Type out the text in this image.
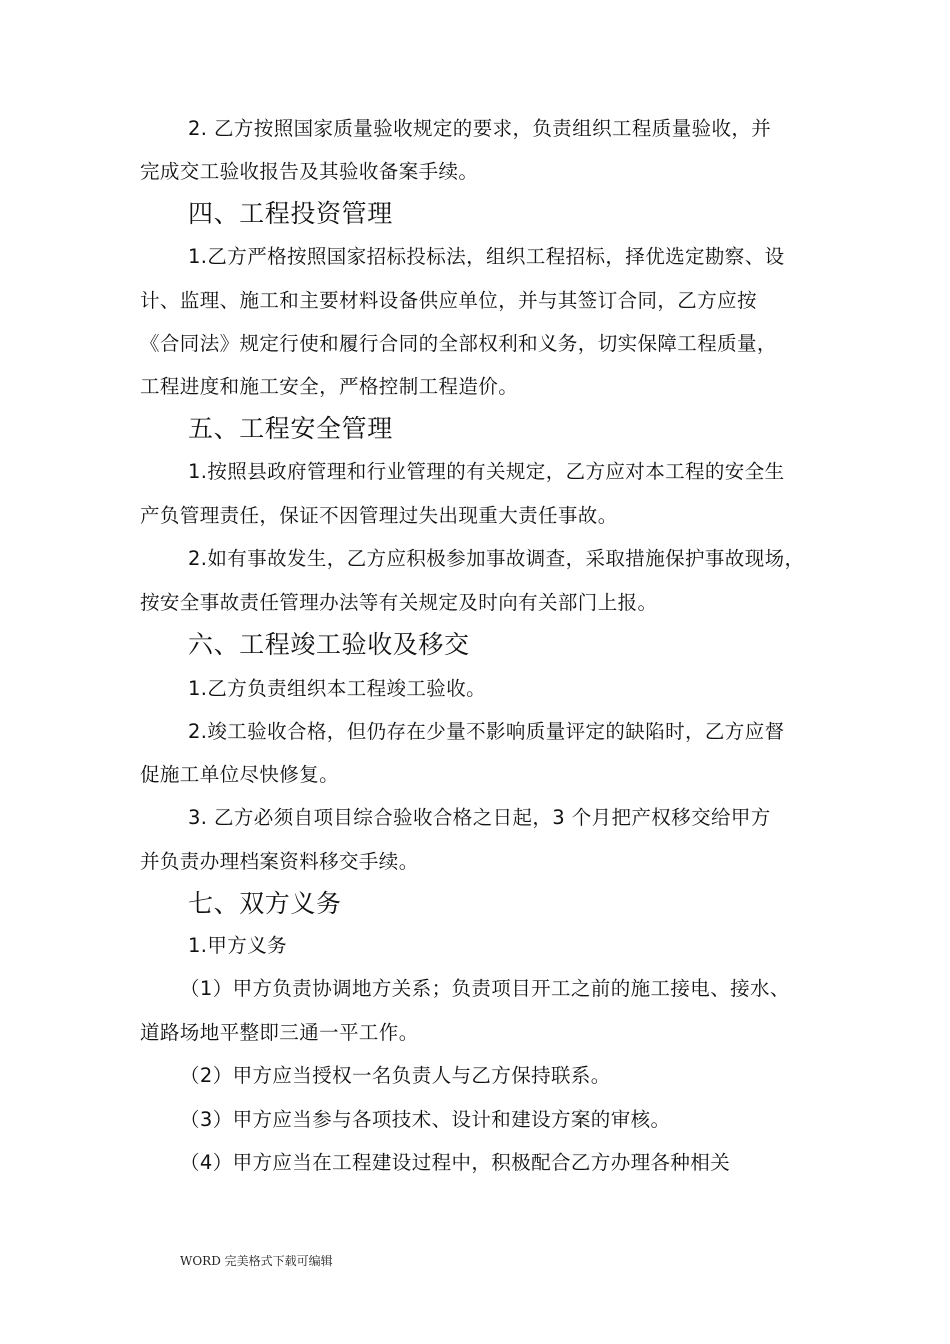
2. 乙方按照国家质量验收规定的要求，负责组织工程质量验收，并
完成交工验收报告及其验收备案手续。
四、工程投资管理
1.乙方严格按照国家招标投标法，组织工程招标，择优选定勘察、设
计、监理、施工和主要材料设备供应单位，并与其签订合同，乙方应按
《合同法》规定行使和履行合同的全部权利和义务，切实保障工程质量，
工程进度和施工安全，严格控制工程造价。
五、工程安全管理
1.按照县政府管理和行业管理的有关规定，乙方应对本工程的安全生
产负管理责任，保证不因管理过失出现重大责任事故。
2.如有事故发生，乙方应积极参加事故调查，采取措施保护事故现场，
按安全事故责任管理办法等有关规定及时向有关部门上报。
六、工程竣工验收及移交
1.乙方负责组织本工程竣工验收。
2.竣工验收合格，但仍存在少量不影响质量评定的缺陷时，乙方应督
促施工单位尽快修复。
3. 乙方必须自项目综合验收合格之日起，3 个月把产权移交给甲方
并负责办理档案资料移交手续。
七、双方义务
1.甲方义务
（1）甲方负责协调地方关系；负责项目开工之前的施工接电、接水、
道路场地平整即三通一平工作。
（2）甲方应当授权一名负责人与乙方保持联系。
（3）甲方应当参与各项技术、设计和建设方案的审核。
（4）甲方应当在工程建设过程中，积极配合乙方办理各种相关
WORD 完美格式下载可编辑
